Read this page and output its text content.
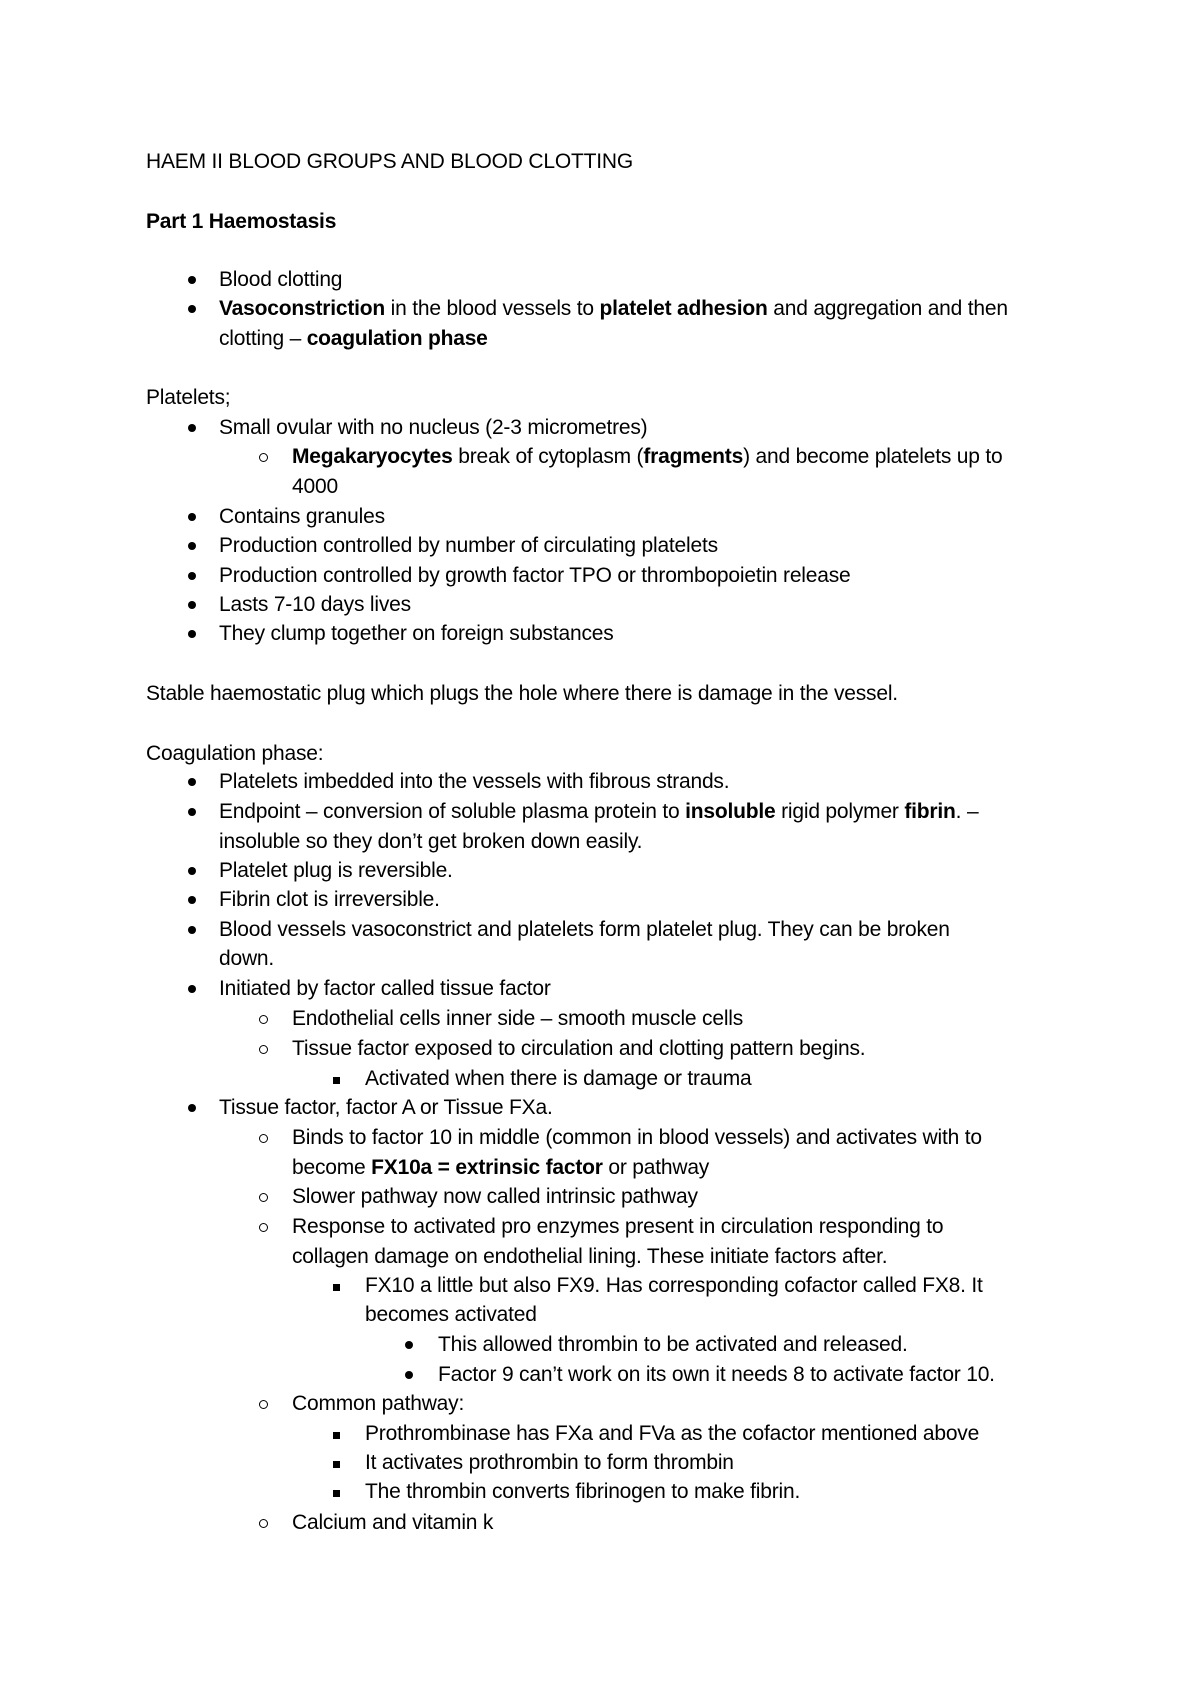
HAEM II BLOOD GROUPS AND BLOOD CLOTTING
Part 1 Haemostasis
Blood clotting
Vasoconstriction in the blood vessels to platelet adhesion and aggregation and then
clotting – coagulation phase
Platelets;
Small ovular with no nucleus (2-3 micrometres)
Megakaryocytes break of cytoplasm (fragments) and become platelets up to
4000
Contains granules
Production controlled by number of circulating platelets
Production controlled by growth factor TPO or thrombopoietin release
Lasts 7-10 days lives
They clump together on foreign substances
Stable haemostatic plug which plugs the hole where there is damage in the vessel.
Coagulation phase:
Platelets imbedded into the vessels with fibrous strands.
Endpoint – conversion of soluble plasma protein to insoluble rigid polymer fibrin. –
insoluble so they don’t get broken down easily.
Platelet plug is reversible.
Fibrin clot is irreversible.
Blood vessels vasoconstrict and platelets form platelet plug. They can be broken
down.
Initiated by factor called tissue factor
Endothelial cells inner side – smooth muscle cells
Tissue factor exposed to circulation and clotting pattern begins.
Activated when there is damage or trauma
Tissue factor, factor A or Tissue FXa.
Binds to factor 10 in middle (common in blood vessels) and activates with to
become FX10a = extrinsic factor or pathway
Slower pathway now called intrinsic pathway
Response to activated pro enzymes present in circulation responding to
collagen damage on endothelial lining. These initiate factors after.
FX10 a little but also FX9. Has corresponding cofactor called FX8. It
becomes activated
This allowed thrombin to be activated and released.
Factor 9 can’t work on its own it needs 8 to activate factor 10.
Common pathway:
Prothrombinase has FXa and FVa as the cofactor mentioned above
It activates prothrombin to form thrombin
The thrombin converts fibrinogen to make fibrin.
Calcium and vitamin k
